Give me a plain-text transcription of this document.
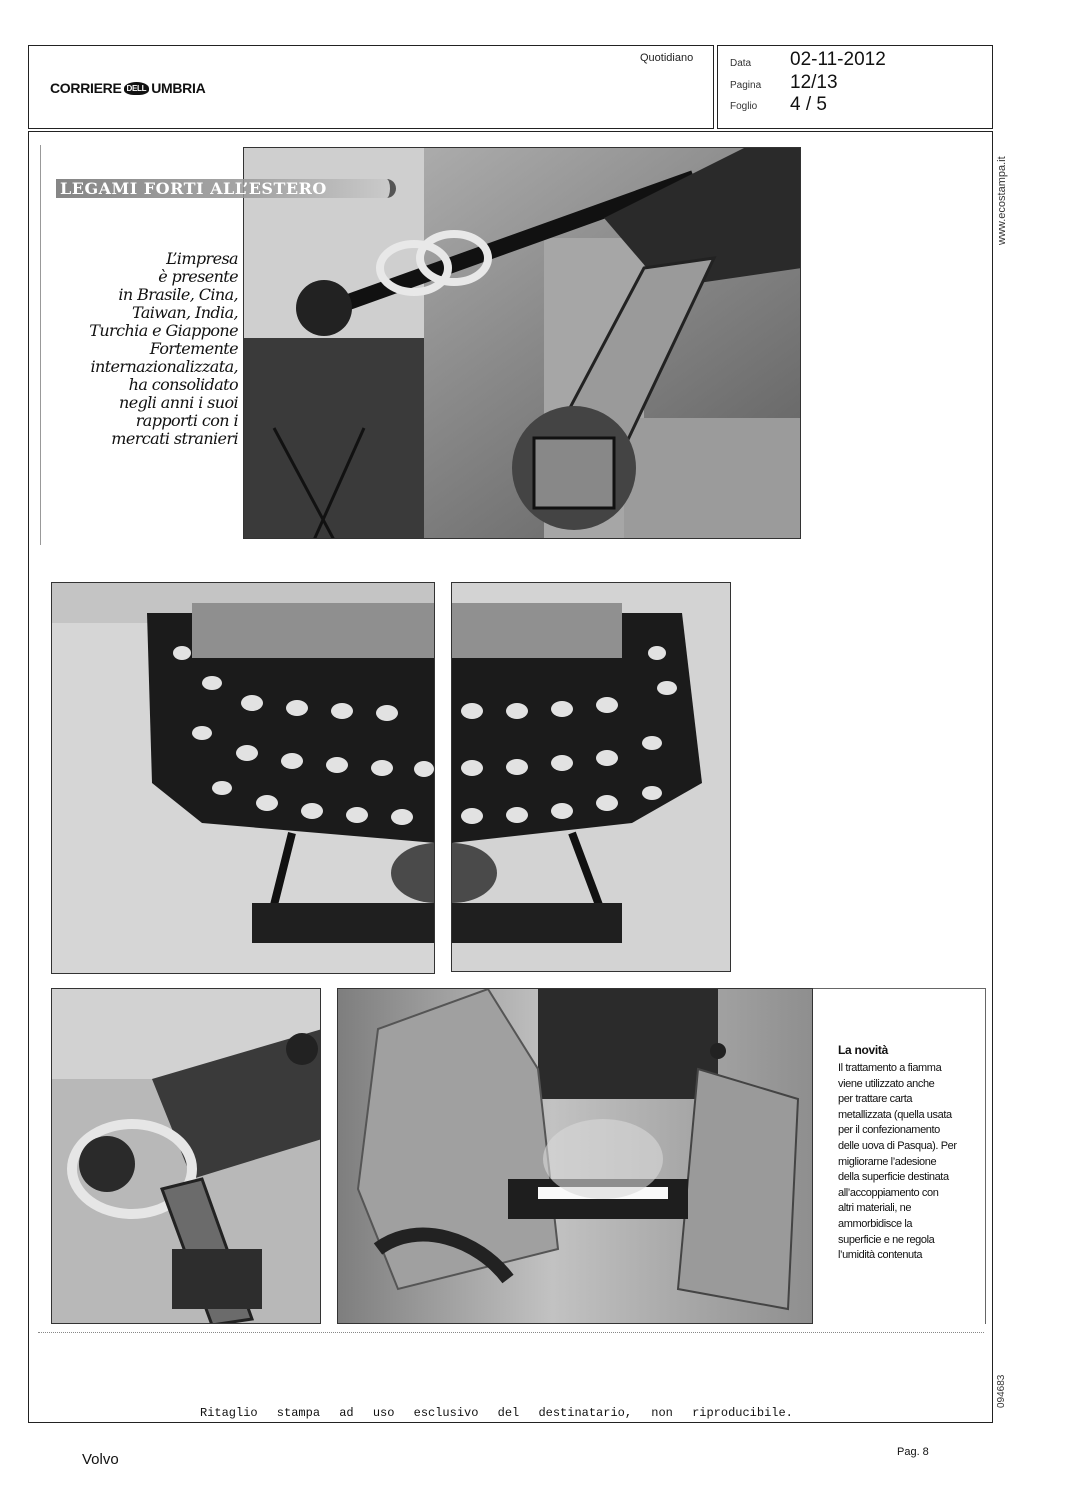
CORRIERE DELL UMBRIA
Quotidiano	Data 02-11-2012
Pagina 12/13
Foglio 4 / 5
LEGAMI FORTI ALL’ESTERO
L’impresa
è presente
in Brasile, Cina,
Taiwan, India,
Turchia e Giappone
Fortemente
internazionalizzata,
ha consolidato
negli anni i suoi
rapporti con i
mercati stranieri
La novità
Il trattamento a fiamma
viene utilizzato anche
per trattare carta
metallizzata (quella usata
per il confezionamento
delle uova di Pasqua). Per
migliorarne l’adesione
della superficie destinata
all’accoppiamento con
altri materiali, ne
ammorbidisce la
superficie e ne regola
l’umidità contenuta
www.ecostampa.it
094683
Ritaglio stampa ad uso esclusivo del destinatario, non riproducibile.
Volvo	Pag. 8
